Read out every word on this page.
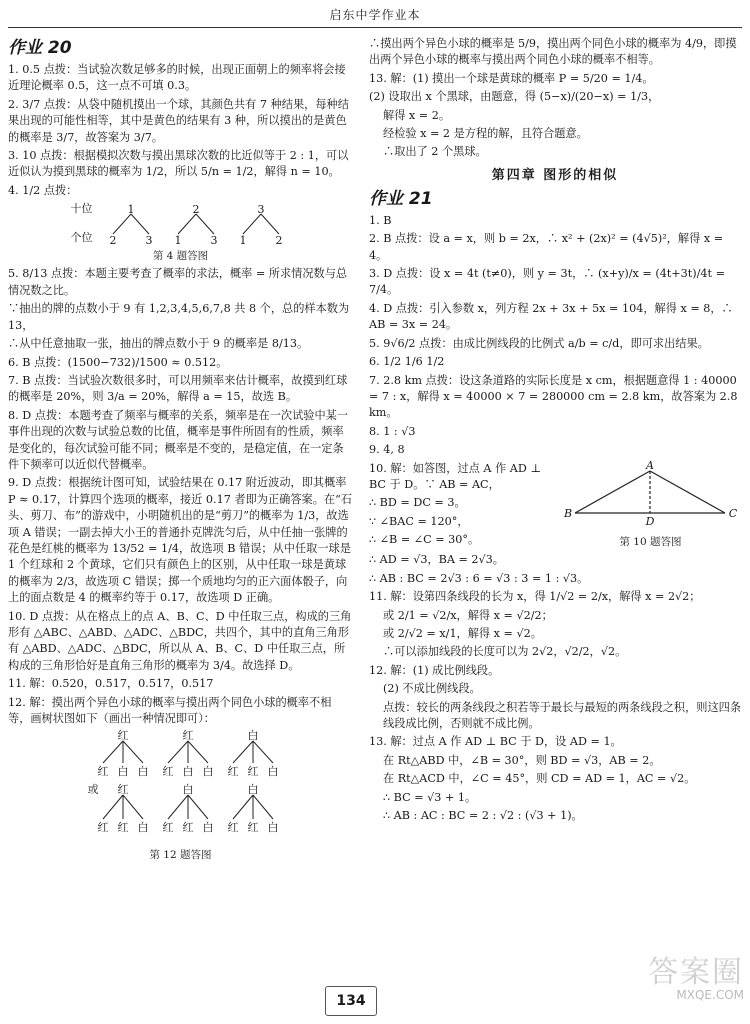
启东中学作业本
作业 20
1. 0.5 点拨：当试验次数足够多的时候，出现正面朝上的频率将会接近理论概率 0.5，这一点不可填 0.3。
2. 3/7 点拨：从袋中随机摸出一个球，其颜色共有 7 种结果，每种结果出现的可能性相等，其中是黄色的结果有 3 种，所以摸出的是黄色的概率是 3/7，故答案为 3/7。
3. 10 点拨：根据模拟次数与摸出黑球次数的比近似等于 2 : 1，可以近似认为摸到黑球的概率为 1/2，所以 5/n = 1/2，解得 n = 10。
4. 1/2 点拨：
十位
个位
1	2	3
2	3 1	3 1	2
第 4 题答图
5. 8/13 点拨：本题主要考查了概率的求法，概率 = 所求情况数与总情况数之比。
∵抽出的牌的点数小于 9 有 1,2,3,4,5,6,7,8 共 8 个，总的样本数为 13，
∴从中任意抽取一张，抽出的牌点数小于 9 的概率是 8/13。
6. B 点拨：(1500−732)/1500 ≈ 0.512。
7. B 点拨：当试验次数很多时，可以用频率来估计概率，故摸到红球的概率是 20%，则 3/a = 20%，解得 a = 15，故选 B。
8. D 点拨：本题考查了频率与概率的关系，频率是在一次试验中某一事件出现的次数与试验总数的比值，概率是事件所固有的性质，频率是变化的，每次试验可能不同；概率是不变的，是稳定值，在一定条件下频率可以近似代替概率。
9. D 点拨：根据统计图可知，试验结果在 0.17 附近波动，即其概率 P ≈ 0.17，计算四个选项的概率，接近 0.17 者即为正确答案。在“石头、剪刀、布”的游戏中，小明随机出的是“剪刀”的概率为 1/3，故选项 A 错误；一副去掉大小王的普通扑克牌洗匀后，从中任抽一张牌的花色是红桃的概率为 13/52 = 1/4，故选项 B 错误；从中任取一球是 1 个红球和 2 个黄球，它们只有颜色上的区别，从中任取一球是黄球的概率为 2/3，故选项 C 错误；掷一个质地均匀的正六面体骰子，向上的面点数是 4 的概率约等于 0.17，故选项 D 正确。
10. D 点拨：从在格点上的点 A、B、C、D 中任取三点，构成的三角形有 △ABC、△ABD、△ADC、△BDC，共四个，其中的直角三角形有 △ABD、△ADC、△BDC，所以从 A、B、C、D 中任取三点，所构成的三角形恰好是直角三角形的概率为 3/4。故选择 D。
11. 解：0.520，0.517，0.517，0.517
12. 解：摸出两个异色小球的概率与摸出两个同色小球的概率不相等，画树状图如下（画出一种情况即可）：
红	红	白
红 白 白 红 白 白 红 红 白
或 红	白	白
红 红 白 红 红 白 红 红 白
第 12 题答图
∴摸出两个异色小球的概率是 5/9，摸出两个同色小球的概率为 4/9，即摸出两个异色小球的概率与摸出两个同色小球的概率不相等。
13. 解：(1) 摸出一个球是黄球的概率 P = 5/20 = 1/4。
(2) 设取出 x 个黑球，由题意，得 (5−x)/(20−x) = 1/3，
解得 x = 2。
经检验 x = 2 是方程的解，且符合题意。
∴取出了 2 个黑球。
第四章 图形的相似
作业 21
1. B
2. B 点拨：设 a = x，则 b = 2x，∴ x² + (2x)² = (4√5)²，解得 x = 4。
3. D 点拨：设 x = 4t (t≠0)，则 y = 3t，∴ (x+y)/x = (4t+3t)/4t = 7/4。
4. D 点拨：引入参数 x，列方程 2x + 3x + 5x = 104，解得 x = 8，∴ AB = 3x = 24。
5. 9√6/2 点拨：由成比例线段的比例式 a/b = c/d，即可求出结果。
6. 1/2 1/6 1/2
7. 2.8 km 点拨：设这条道路的实际长度是 x cm，根据题意得 1 : 40000 = 7 : x，解得 x = 40000 × 7 = 280000 cm = 2.8 km，故答案为 2.8 km。
8. 1 : √3
9. 4, 8
10. 解：如答图，过点 A 作 AD ⊥ BC 于 D。∵ AB = AC，
∴ BD = DC = 3。
∵ ∠BAC = 120°，
∴ ∠B = ∠C = 30°。
A
B	C
D
第 10 题答图
∴ AD = √3，BA = 2√3。
∴ AB : BC = 2√3 : 6 = √3 : 3 = 1 : √3。
11. 解：设第四条线段的长为 x，得 1/√2 = 2/x，解得 x = 2√2；
或 2/1 = √2/x，解得 x = √2/2；
或 2/√2 = x/1，解得 x = √2。
∴可以添加线段的长度可以为 2√2，√2/2，√2。
12. 解：(1) 成比例线段。
(2) 不成比例线段。
点拨：较长的两条线段之积若等于最长与最短的两条线段之积，则这四条线段成比例，否则就不成比例。
13. 解：过点 A 作 AD ⊥ BC 于 D，设 AD = 1。
在 Rt△ABD 中，∠B = 30°，则 BD = √3，AB = 2。
在 Rt△ACD 中，∠C = 45°，则 CD = AD = 1，AC = √2。
∴ BC = √3 + 1。
∴ AB : AC : BC = 2 : √2 : (√3 + 1)。
134
答案圈
MXQE.COM
